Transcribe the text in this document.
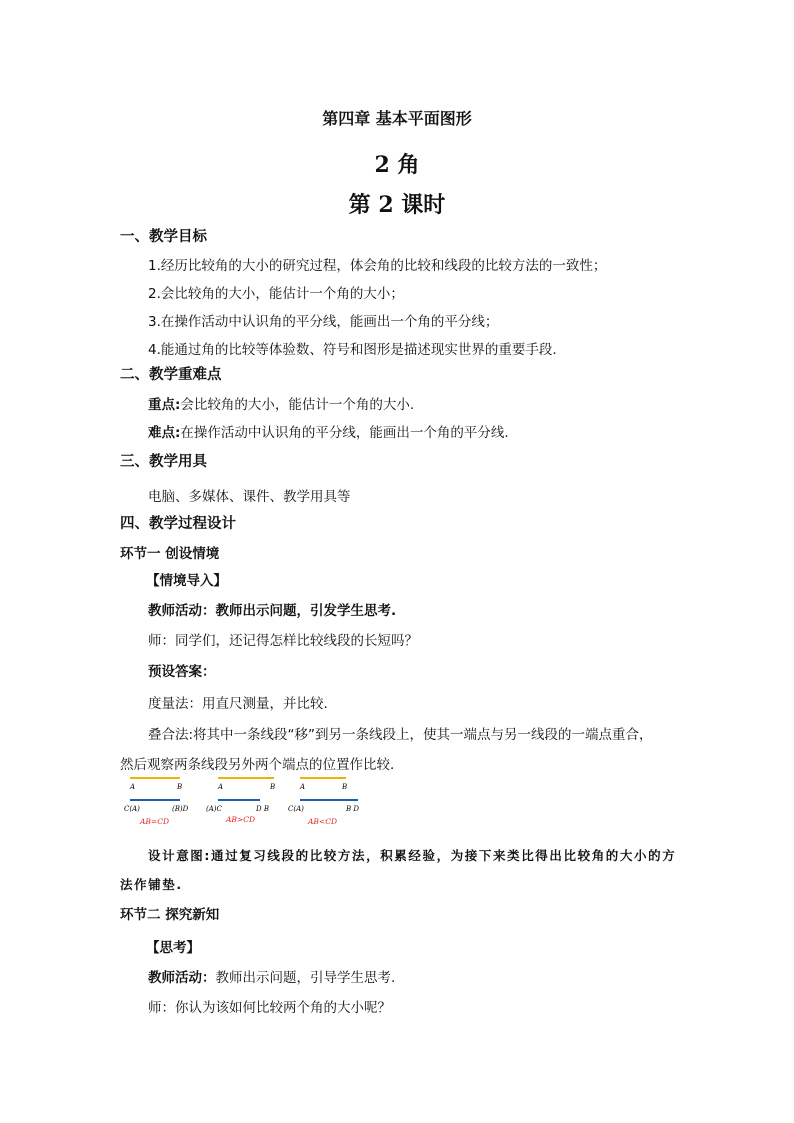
第四章 基本平面图形
2 角
第 2 课时
一、教学目标
1.经历比较角的大小的研究过程，体会角的比较和线段的比较方法的一致性；
2.会比较角的大小，能估计一个角的大小；
3.在操作活动中认识角的平分线，能画出一个角的平分线；
4.能通过角的比较等体验数、符号和图形是描述现实世界的重要手段.
二、教学重难点
重点:会比较角的大小，能估计一个角的大小.
难点:在操作活动中认识角的平分线，能画出一个角的平分线.
三、教学用具
电脑、多媒体、课件、教学用具等
四、教学过程设计
环节一 创设情境
【情境导入】
教师活动：教师出示问题，引发学生思考.
师：同学们，还记得怎样比较线段的长短吗？
预设答案：
度量法：用直尺测量，并比较.
叠合法:将其中一条线段“移”到另一条线段上，使其一端点与另一线段的一端点重合，
然后观察两条线段另外两个端点的位置作比较.
A	B
C(A)	(B)D
AB=CD
A	B
(A)C	D B
AB>CD
A	B
C(A)	B D
AB<CD
设计意图:通过复习线段的比较方法，积累经验，为接下来类比得出比较角的大小的方
法作铺垫.
环节二 探究新知
【思考】
教师活动：教师出示问题，引导学生思考.
师：你认为该如何比较两个角的大小呢？
